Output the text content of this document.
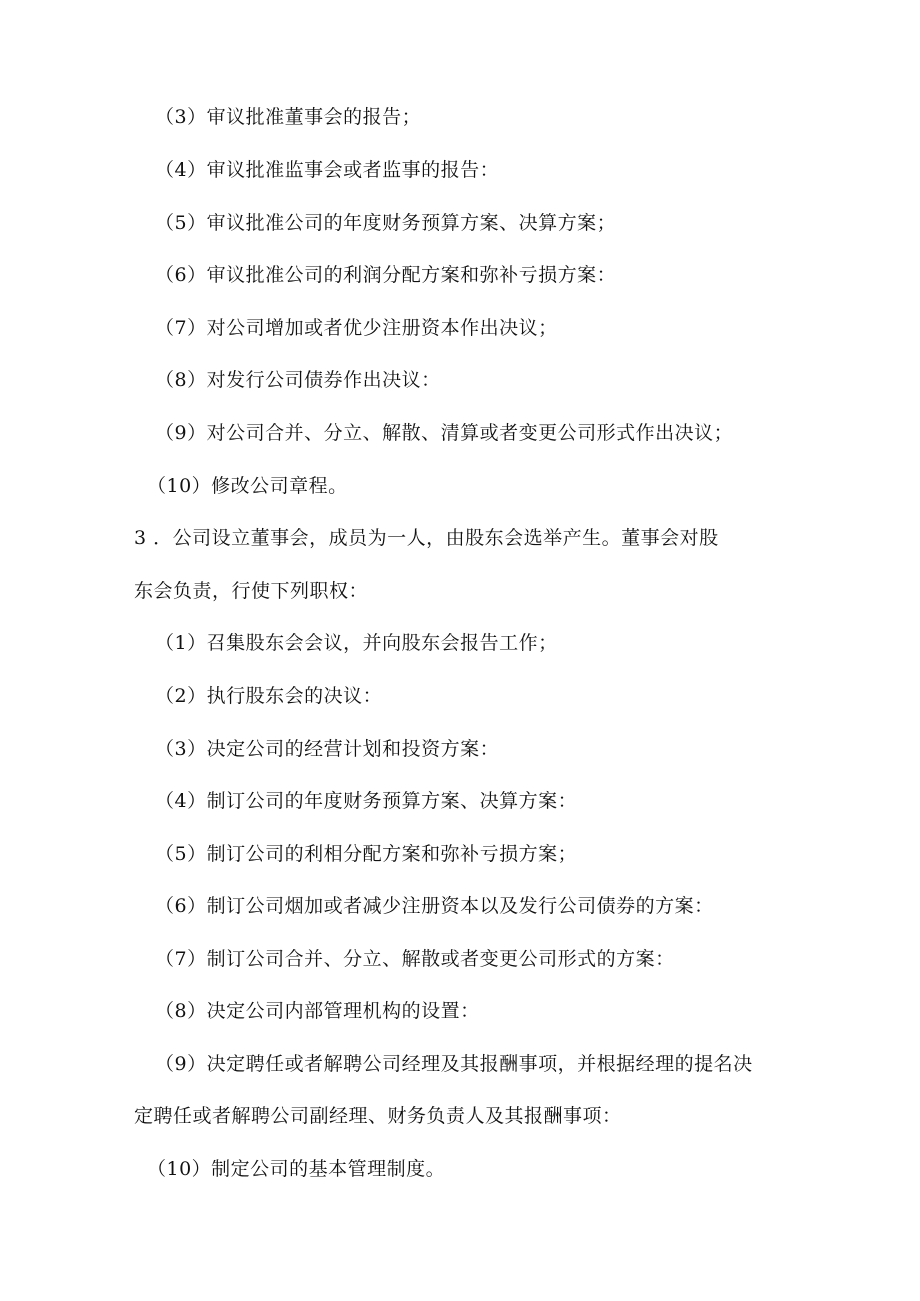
（3）审议批准董事会的报告；
（4）审议批准监事会或者监事的报告：
（5）审议批准公司的年度财务预算方案、决算方案；
（6）审议批准公司的利润分配方案和弥补亏损方案：
（7）对公司增加或者优少注册资本作出决议；
（8）对发行公司债券作出决议：
（9）对公司合并、分立、解散、清算或者变更公司形式作出决议；
（10）修改公司章程。
3 ．公司设立董事会，成员为一人，由股东会选举产生。董事会对股
东会负责，行使下列职权：
（1）召集股东会会议，并向股东会报告工作；
（2）执行股东会的决议：
（3）决定公司的经营计划和投资方案：
（4）制订公司的年度财务预算方案、决算方案：
（5）制订公司的利相分配方案和弥补亏损方案；
（6）制订公司烟加或者减少注册资本以及发行公司债券的方案：
（7）制订公司合并、分立、解散或者变更公司形式的方案：
（8）决定公司内部管理机构的设置：
（9）决定聘任或者解聘公司经理及其报酬事项，并根据经理的提名决
定聘任或者解聘公司副经理、财务负责人及其报酬事项：
（10）制定公司的基本管理制度。
